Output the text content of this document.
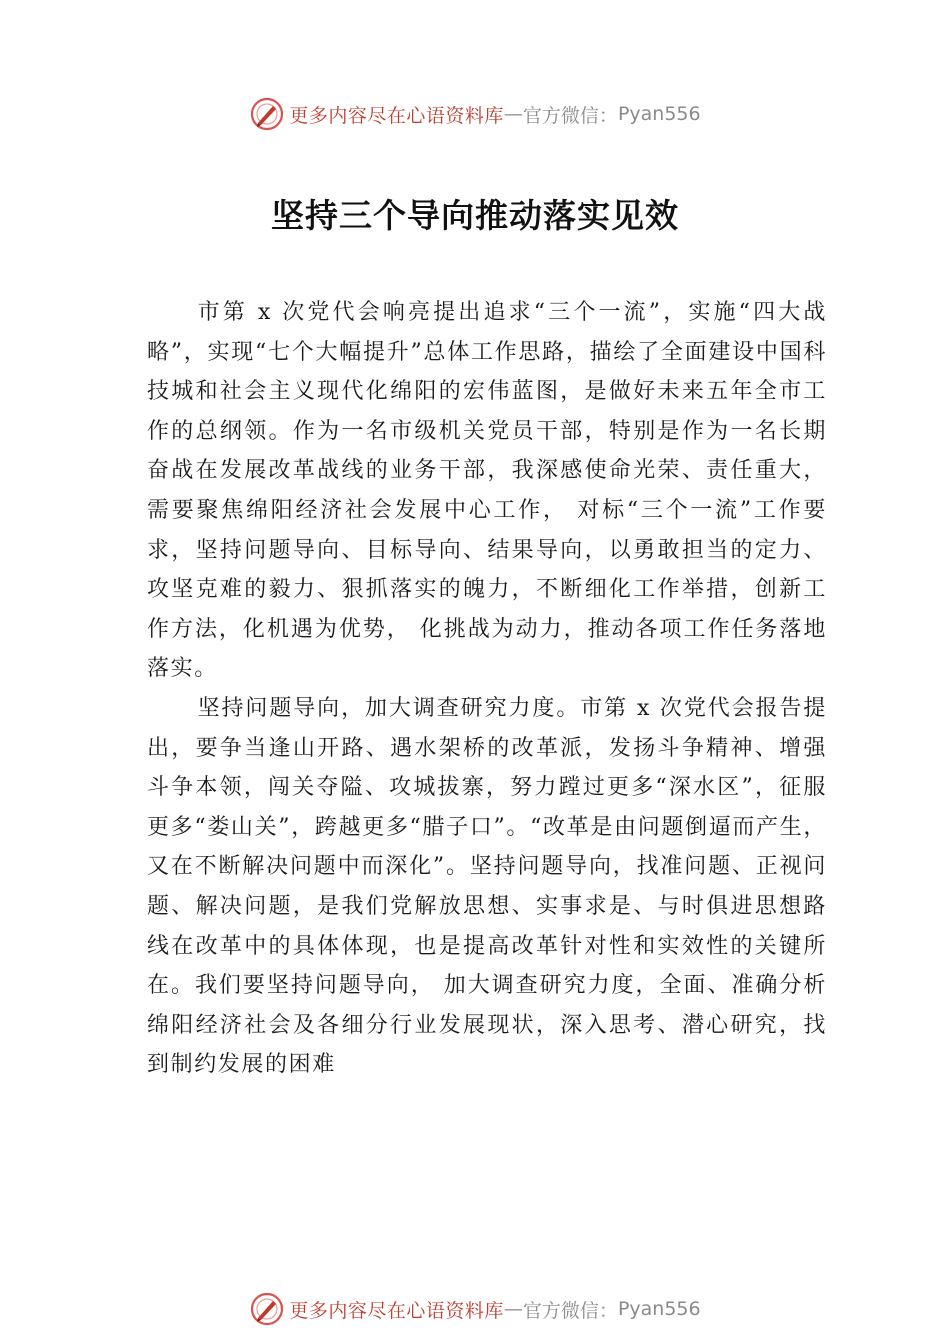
更多内容尽在心语资料库 — 官方微信： Pyan556
坚持三个导向推动落实见效

市第 x 次党代会响亮提出追求“三个一流”，实施“四大战略”，实现“七个大幅提升”总体工作思路，描绘了全面建设中国科技城和社会主义现代化绵阳的宏伟蓝图，是做好未来五年全市工作的总纲领。作为一名市级机关党员干部，特别是作为一名长期奋战在发展改革战线的业务干部，我深感使命光荣、责任重大，需要聚焦绵阳经济社会发展中心工作， 对标“三个一流”工作要求，坚持问题导向、目标导向、结果导向，以勇敢担当的定力、攻坚克难的毅力、狠抓落实的魄力，不断细化工作举措，创新工作方法，化机遇为优势， 化挑战为动力，推动各项工作任务落地落实。

坚持问题导向，加大调查研究力度。市第 x 次党代会报告提出，要争当逢山开路、遇水架桥的改革派，发扬斗争精神、增强斗争本领，闯关夺隘、攻城拔寨，努力蹚过更多“深水区”，征服更多“娄山关”，跨越更多“腊子口”。“改革是由问题倒逼而产生，又在不断解决问题中而深化”。坚持问题导向，找准问题、正视问题、解决问题，是我们党解放思想、实事求是、与时俱进思想路线在改革中的具体体现，也是提高改革针对性和实效性的关键所在。我们要坚持问题导向， 加大调查研究力度，全面、准确分析绵阳经济社会及各细分行业发展现状，深入思考、潜心研究，找到制约发展的困难

更多内容尽在心语资料库 — 官方微信： Pyan556
